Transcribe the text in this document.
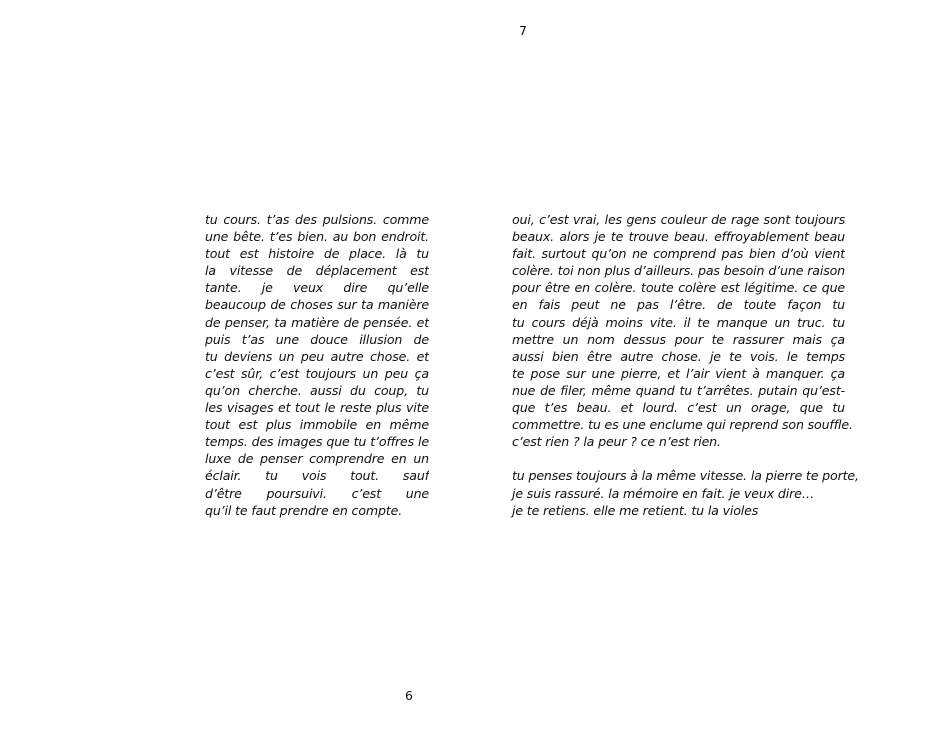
7
tu cours. t’as des pulsions. comme
une bête. t’es bien. au bon endroit.
tout est histoire de place. là tu
la vitesse de déplacement est
tante. je veux dire qu’elle
beaucoup de choses sur ta manière
de penser, ta matière de pensée. et
puis t’as une douce illusion de
tu deviens un peu autre chose. et
c’est sûr, c’est toujours un peu ça
qu’on cherche. aussi du coup, tu
les visages et tout le reste plus vite
tout est plus immobile en même
temps. des images que tu t’offres le
luxe de penser comprendre en un
éclair. tu vois tout. sauf
d’être poursuivi. c’est une
qu’il te faut prendre en compte.
oui, c’est vrai, les gens couleur de rage sont toujours
beaux. alors je te trouve beau. effroyablement beau
fait. surtout qu’on ne comprend pas bien d’où vient
colère. toi non plus d’ailleurs. pas besoin d’une raison
pour être en colère. toute colère est légitime. ce que
en fais peut ne pas l’être. de toute façon tu
tu cours déjà moins vite. il te manque un truc. tu
mettre un nom dessus pour te rassurer mais ça
aussi bien être autre chose. je te vois. le temps
te pose sur une pierre, et l’air vient à manquer. ça
nue de filer, même quand tu t’arrêtes. putain qu’est-
que t’es beau. et lourd. c’est un orage, que tu
commettre. tu es une enclume qui reprend son souffle.
c’est rien ? la peur ? ce n’est rien.
tu penses toujours à la même vitesse. la pierre te porte,
je suis rassuré. la mémoire en fait. je veux dire…
je te retiens. elle me retient. tu la violes
6
